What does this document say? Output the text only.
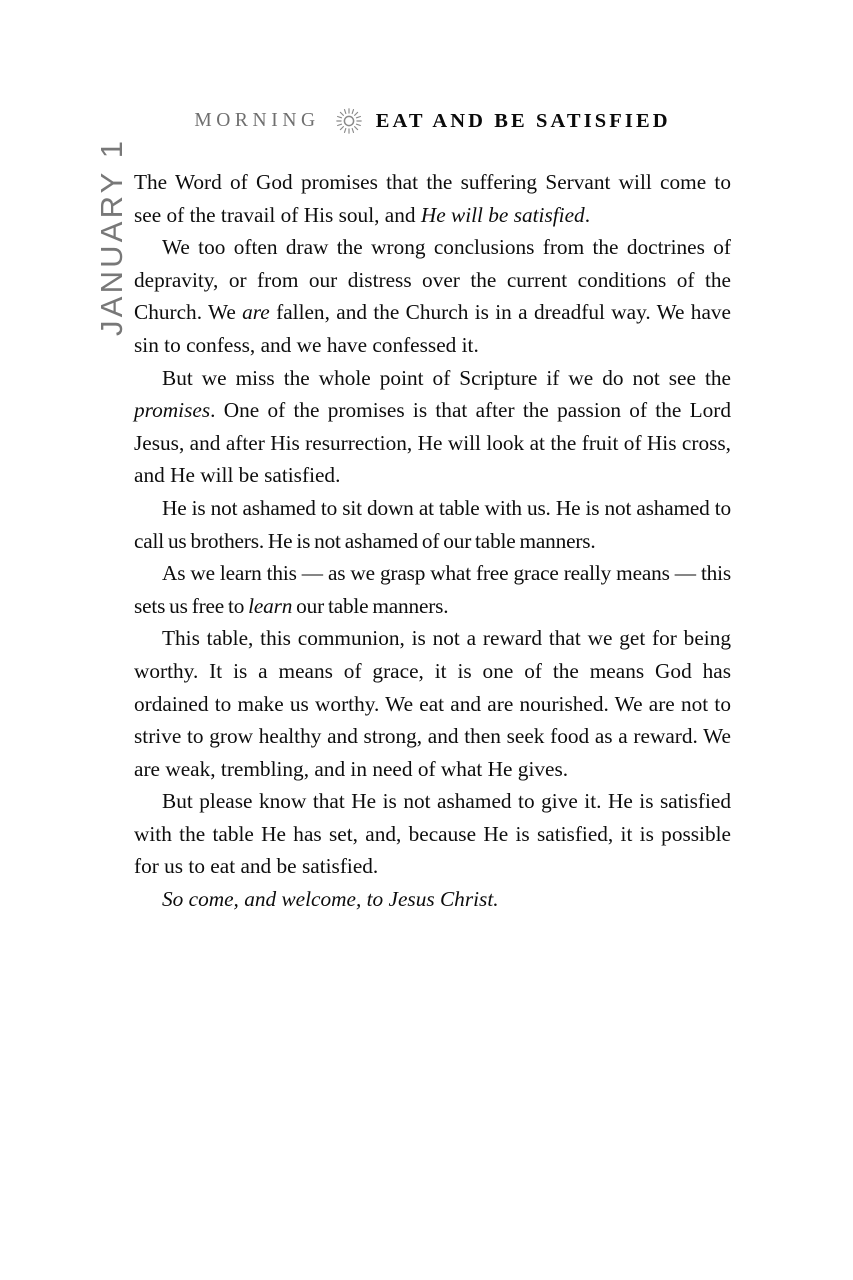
JANUARY 1
MORNING	EAT AND BE SATISFIED

The Word of God promises that the suffering Servant will come to see of the travail of His soul, and He will be satisfied.

We too often draw the wrong conclusions from the doctrines of depravity, or from our distress over the current conditions of the Church. We are fallen, and the Church is in a dreadful way. We have sin to confess, and we have confessed it.

But we miss the whole point of Scripture if we do not see the promises. One of the promises is that after the passion of the Lord Jesus, and after His resurrection, He will look at the fruit of His cross, and He will be satisfied.

He is not ashamed to sit down at table with us. He is not ashamed to call us brothers. He is not ashamed of our table manners.

As we learn this — as we grasp what free grace really means — this sets us free to learn our table manners.

This table, this communion, is not a reward that we get for being worthy. It is a means of grace, it is one of the means God has ordained to make us worthy. We eat and are nourished. We are not to strive to grow healthy and strong, and then seek food as a reward. We are weak, trembling, and in need of what He gives.

But please know that He is not ashamed to give it. He is satisfied with the table He has set, and, because He is satisfied, it is possible for us to eat and be satisfied.

So come, and welcome, to Jesus Christ.
